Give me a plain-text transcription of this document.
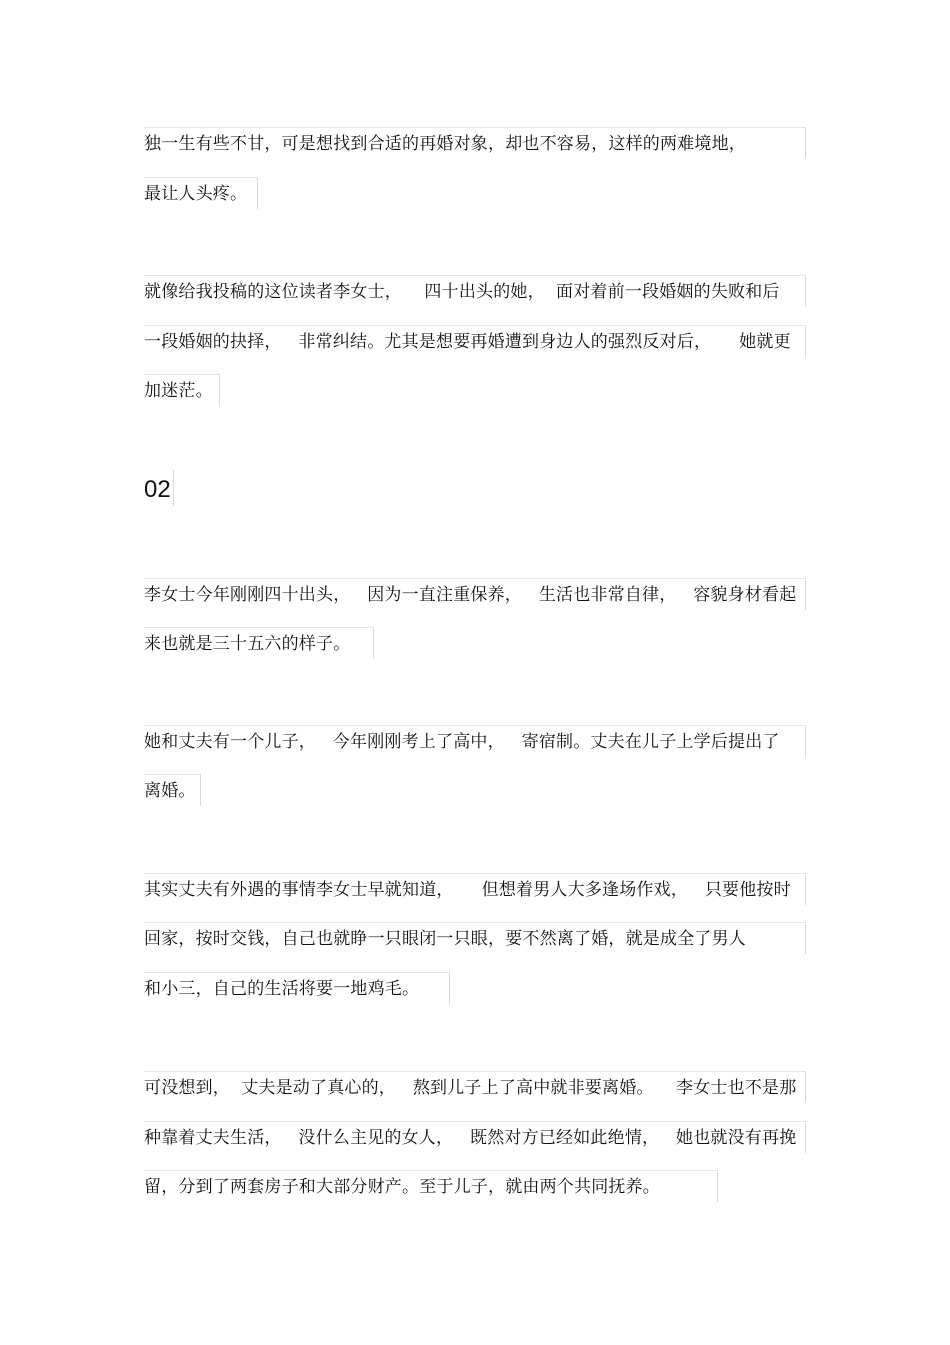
独一生有些不甘，可是想找到合适的再婚对象，却也不容易，这样的两难境地，
最让人头疼。
就像给我投稿的这位读者李女士，    四十出头的她，  面对着前一段婚姻的失败和后
一段婚姻的抉择，   非常纠结。尤其是想要再婚遭到身边人的强烈反对后，     她就更
加迷茫。
02
李女士今年刚刚四十出头，   因为一直注重保养，   生活也非常自律，   容貌身材看起
来也就是三十五六的样子。
她和丈夫有一个儿子，   今年刚刚考上了高中，   寄宿制。丈夫在儿子上学后提出了
离婚。
其实丈夫有外遇的事情李女士早就知道，     但想着男人大多逢场作戏，   只要他按时
回家，按时交钱，自己也就睁一只眼闭一只眼，要不然离了婚，就是成全了男人
和小三，自己的生活将要一地鸡毛。
可没想到，  丈夫是动了真心的，   熬到儿子上了高中就非要离婚。    李女士也不是那
种靠着丈夫生活，   没什么主见的女人，   既然对方已经如此绝情，   她也就没有再挽
留，分到了两套房子和大部分财产。至于儿子，就由两个共同抚养。
